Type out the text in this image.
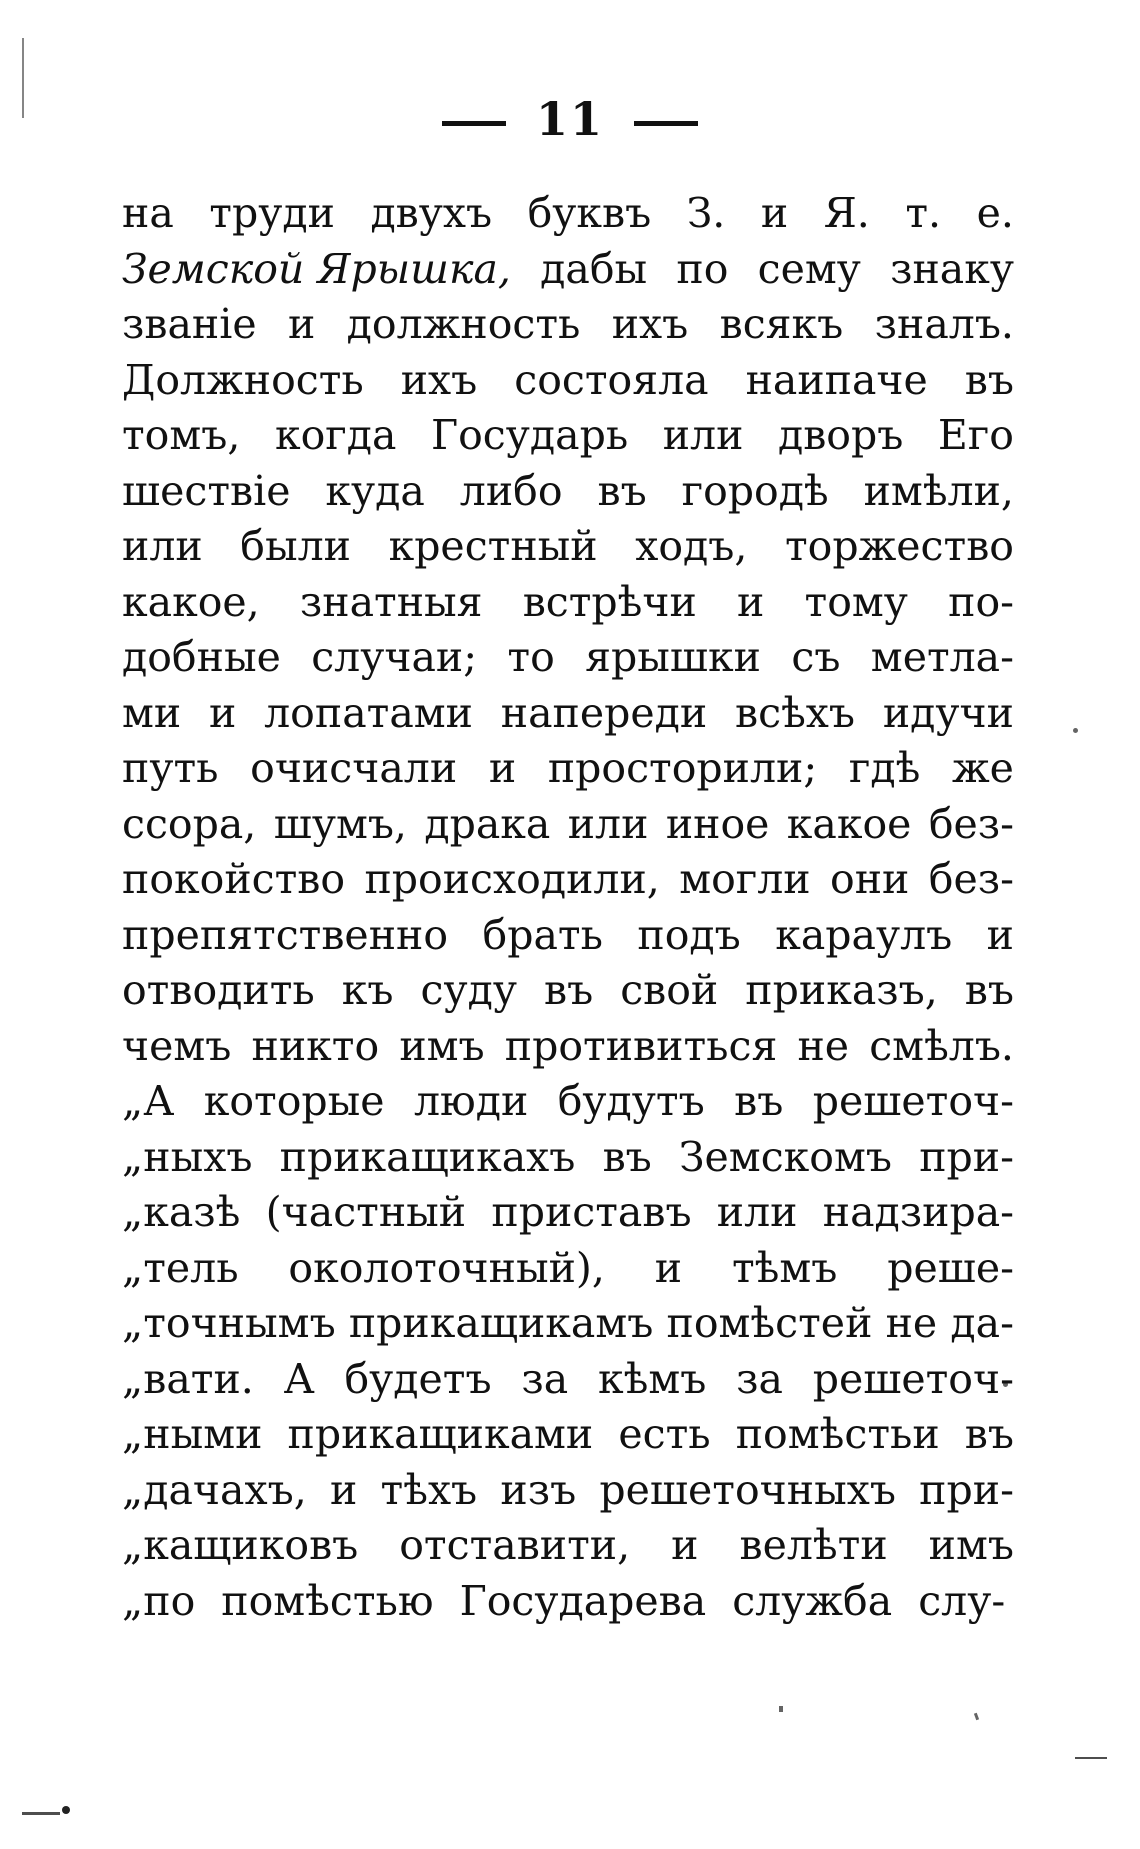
11
на труди двухъ буквъ З. и Я. т. е.
Земской Ярышка, дабы по сему знаку
званіе и должность ихъ всякъ зналъ.
Должность ихъ состояла наипаче въ
томъ, когда Государь или дворъ Его
шествіе куда либо въ городѣ имѣли,
или были крестный ходъ, торжество
какое, знатныя встрѣчи и тому по-
добные случаи; то ярышки съ метла-
ми и лопатами напереди всѣхъ идучи
путь очисчали и просторили; гдѣ же
ссора, шумъ, драка или иное какое без-
покойство происходили, могли они без-
препятственно брать подъ караулъ и
отводить къ суду въ свой приказъ, въ
чемъ никто имъ противиться не смѣлъ.
„А которые люди будутъ въ решеточ-
„ныхъ прикащикахъ въ Земскомъ при-
„казѣ (частный приставъ или надзира-
„тель околоточный), и тѣмъ реше-
„точнымъ прикащикамъ помѣстей не да-
„вати. А будетъ за кѣмъ за решеточ-
„ными прикащиками есть помѣстьи въ
„дачахъ, и тѣхъ изъ решеточныхъ при-
„кащиковъ отставити, и велѣти имъ
„по помѣстью Государева служба слу-
